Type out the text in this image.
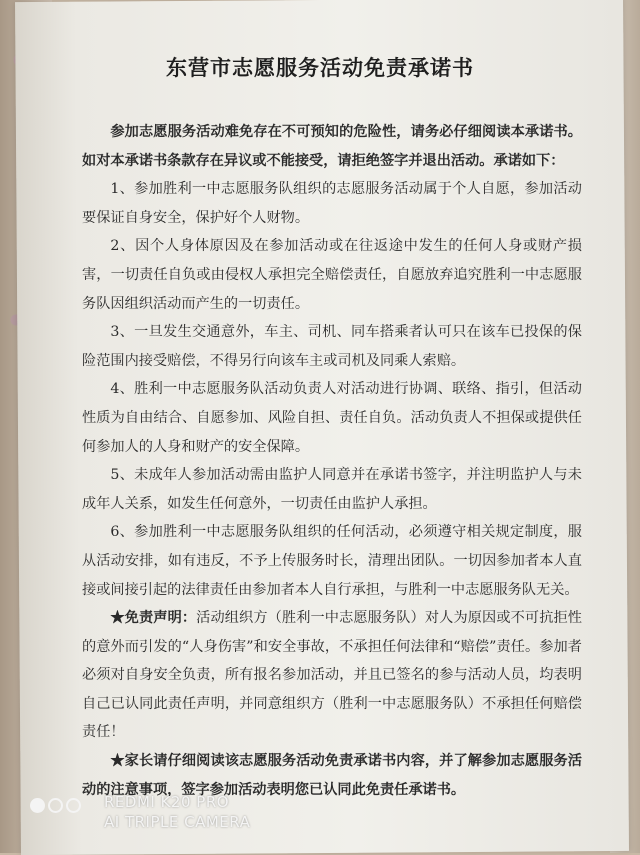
东营市志愿服务活动免责承诺书

参加志愿服务活动难免存在不可预知的危险性，请务必仔细阅读本承诺书。如对本承诺书条款存在异议或不能接受，请拒绝签字并退出活动。承诺如下：

1、参加胜利一中志愿服务队组织的志愿服务活动属于个人自愿，参加活动要保证自身安全，保护好个人财物。

2、因个人身体原因及在参加活动或在往返途中发生的任何人身或财产损害，一切责任自负或由侵权人承担完全赔偿责任，自愿放弃追究胜利一中志愿服务队因组织活动而产生的一切责任。

3、一旦发生交通意外，车主、司机、同车搭乘者认可只在该车已投保的保险范围内接受赔偿，不得另行向该车主或司机及同乘人索赔。

4、胜利一中志愿服务队活动负责人对活动进行协调、联络、指引，但活动性质为自由结合、自愿参加、风险自担、责任自负。活动负责人不担保或提供任何参加人的人身和财产的安全保障。

5、未成年人参加活动需由监护人同意并在承诺书签字，并注明监护人与未成年人关系，如发生任何意外，一切责任由监护人承担。

6、参加胜利一中志愿服务队组织的任何活动，必须遵守相关规定制度，服从活动安排，如有违反，不予上传服务时长，清理出团队。一切因参加者本人直接或间接引起的法律责任由参加者本人自行承担，与胜利一中志愿服务队无关。

★免责声明：活动组织方（胜利一中志愿服务队）对人为原因或不可抗拒性的意外而引发的“人身伤害”和安全事故，不承担任何法律和“赔偿”责任。参加者必须对自身安全负责，所有报名参加活动，并且已签名的参与活动人员，均表明自己已认同此责任声明，并同意组织方（胜利一中志愿服务队）不承担任何赔偿责任！

★家长请仔细阅读该志愿服务活动免责承诺书内容，并了解参加志愿服务活动的注意事项，签字参加活动表明您已认同此免责任承诺书。

REDMI K20 PRO
AI TRIPLE CAMERA
